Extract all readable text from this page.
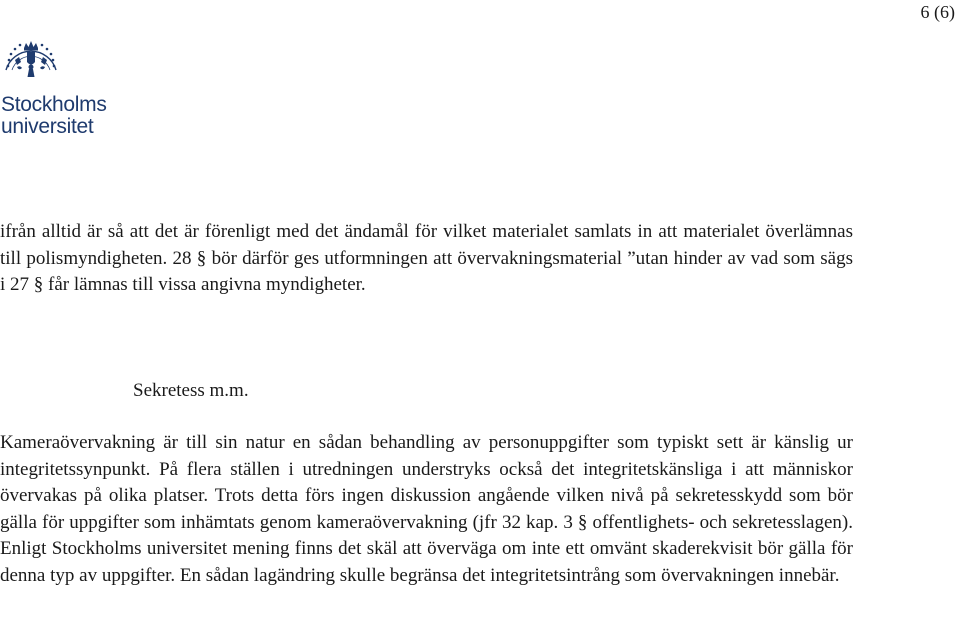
6 (6)
Stockholms
universitet
ifrån alltid är så att det är förenligt med det ändamål för vilket materialet samlats in att materialet överlämnas till polismyndigheten. 28 § bör därför ges utformningen att övervakningsmaterial ”utan hinder av vad som sägs i 27 § får lämnas till vissa angivna myndigheter.
Sekretess m.m.
Kameraövervakning är till sin natur en sådan behandling av personuppgifter som typiskt sett är känslig ur integritetssynpunkt. På flera ställen i utredningen understryks också det integritetskänsliga i att människor övervakas på olika platser. Trots detta förs ingen diskussion angående vilken nivå på sekretesskydd som bör gälla för uppgifter som inhämtats genom kameraövervakning (jfr 32 kap. 3 § offentlighets- och sekretesslagen). Enligt Stockholms universitet mening finns det skäl att överväga om inte ett omvänt skaderekvisit bör gälla för denna typ av uppgifter. En sådan lagändring skulle begränsa det integritetsintrång som övervakningen innebär.
